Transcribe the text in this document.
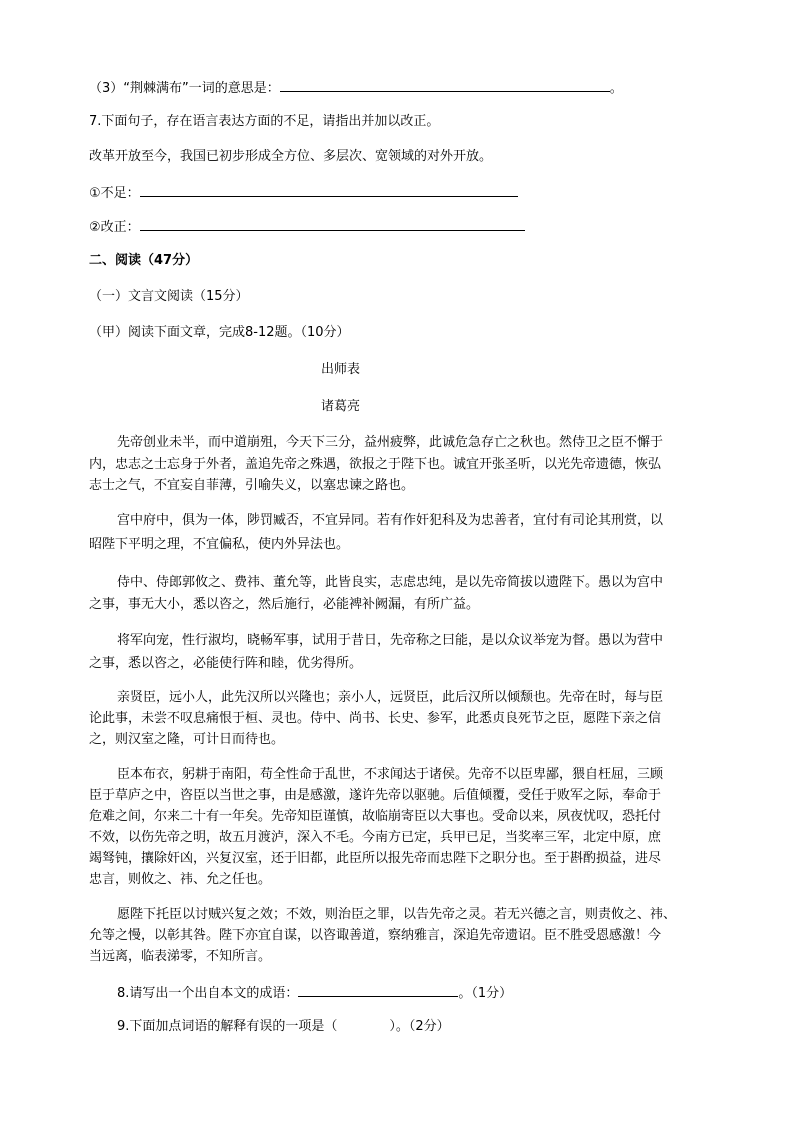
（3）“荆棘满布”一词的意思是：	。
7.下面句子，存在语言表达方面的不足，请指出并加以改正。
改革开放至今，我国已初步形成全方位、多层次、宽领域的对外开放。
①不足：
②改正：
二、阅读（47分）
（一）文言文阅读（15分）
（甲）阅读下面文章，完成8-12题。（10分）
出师表
诸葛亮
先帝创业未半，而中道崩殂，今天下三分，益州疲弊，此诚危急存亡之秋也。然侍卫之臣不懈于
内，忠志之士忘身于外者，盖追先帝之殊遇，欲报之于陛下也。诚宜开张圣听，以光先帝遗德，恢弘
志士之气，不宜妄自菲薄，引喻失义，以塞忠谏之路也。
宫中府中，俱为一体，陟罚臧否，不宜异同。若有作奸犯科及为忠善者，宜付有司论其刑赏，以
昭陛下平明之理，不宜偏私，使内外异法也。
侍中、侍郎郭攸之、费祎、董允等，此皆良实，志虑忠纯，是以先帝简拔以遗陛下。愚以为宫中
之事，事无大小，悉以咨之，然后施行，必能裨补阙漏，有所广益。
将军向宠，性行淑均，晓畅军事，试用于昔日，先帝称之曰能，是以众议举宠为督。愚以为营中
之事，悉以咨之，必能使行阵和睦，优劣得所。
亲贤臣，远小人，此先汉所以兴隆也；亲小人，远贤臣，此后汉所以倾颓也。先帝在时，每与臣
论此事，未尝不叹息痛恨于桓、灵也。侍中、尚书、长史、参军，此悉贞良死节之臣，愿陛下亲之信
之，则汉室之隆，可计日而待也。
臣本布衣，躬耕于南阳，苟全性命于乱世，不求闻达于诸侯。先帝不以臣卑鄙，猥自枉屈，三顾
臣于草庐之中，咨臣以当世之事，由是感激，遂许先帝以驱驰。后值倾覆，受任于败军之际，奉命于
危难之间，尔来二十有一年矣。先帝知臣谨慎，故临崩寄臣以大事也。受命以来，夙夜忧叹，恐托付
不效，以伤先帝之明，故五月渡泸，深入不毛。今南方已定，兵甲已足，当奖率三军，北定中原，庶
竭驽钝，攘除奸凶，兴复汉室，还于旧都，此臣所以报先帝而忠陛下之职分也。至于斟酌损益，进尽
忠言，则攸之、祎、允之任也。
愿陛下托臣以讨贼兴复之效；不效，则治臣之罪，以告先帝之灵。若无兴德之言，则责攸之、祎、
允等之慢，以彰其咎。陛下亦宜自谋，以咨诹善道，察纳雅言，深追先帝遗诏。臣不胜受恩感激！今
当远离，临表涕零，不知所言。
8.请写出一个出自本文的成语：	。（1分）
9.下面加点词语的解释有误的一项是（	）。（2分）
